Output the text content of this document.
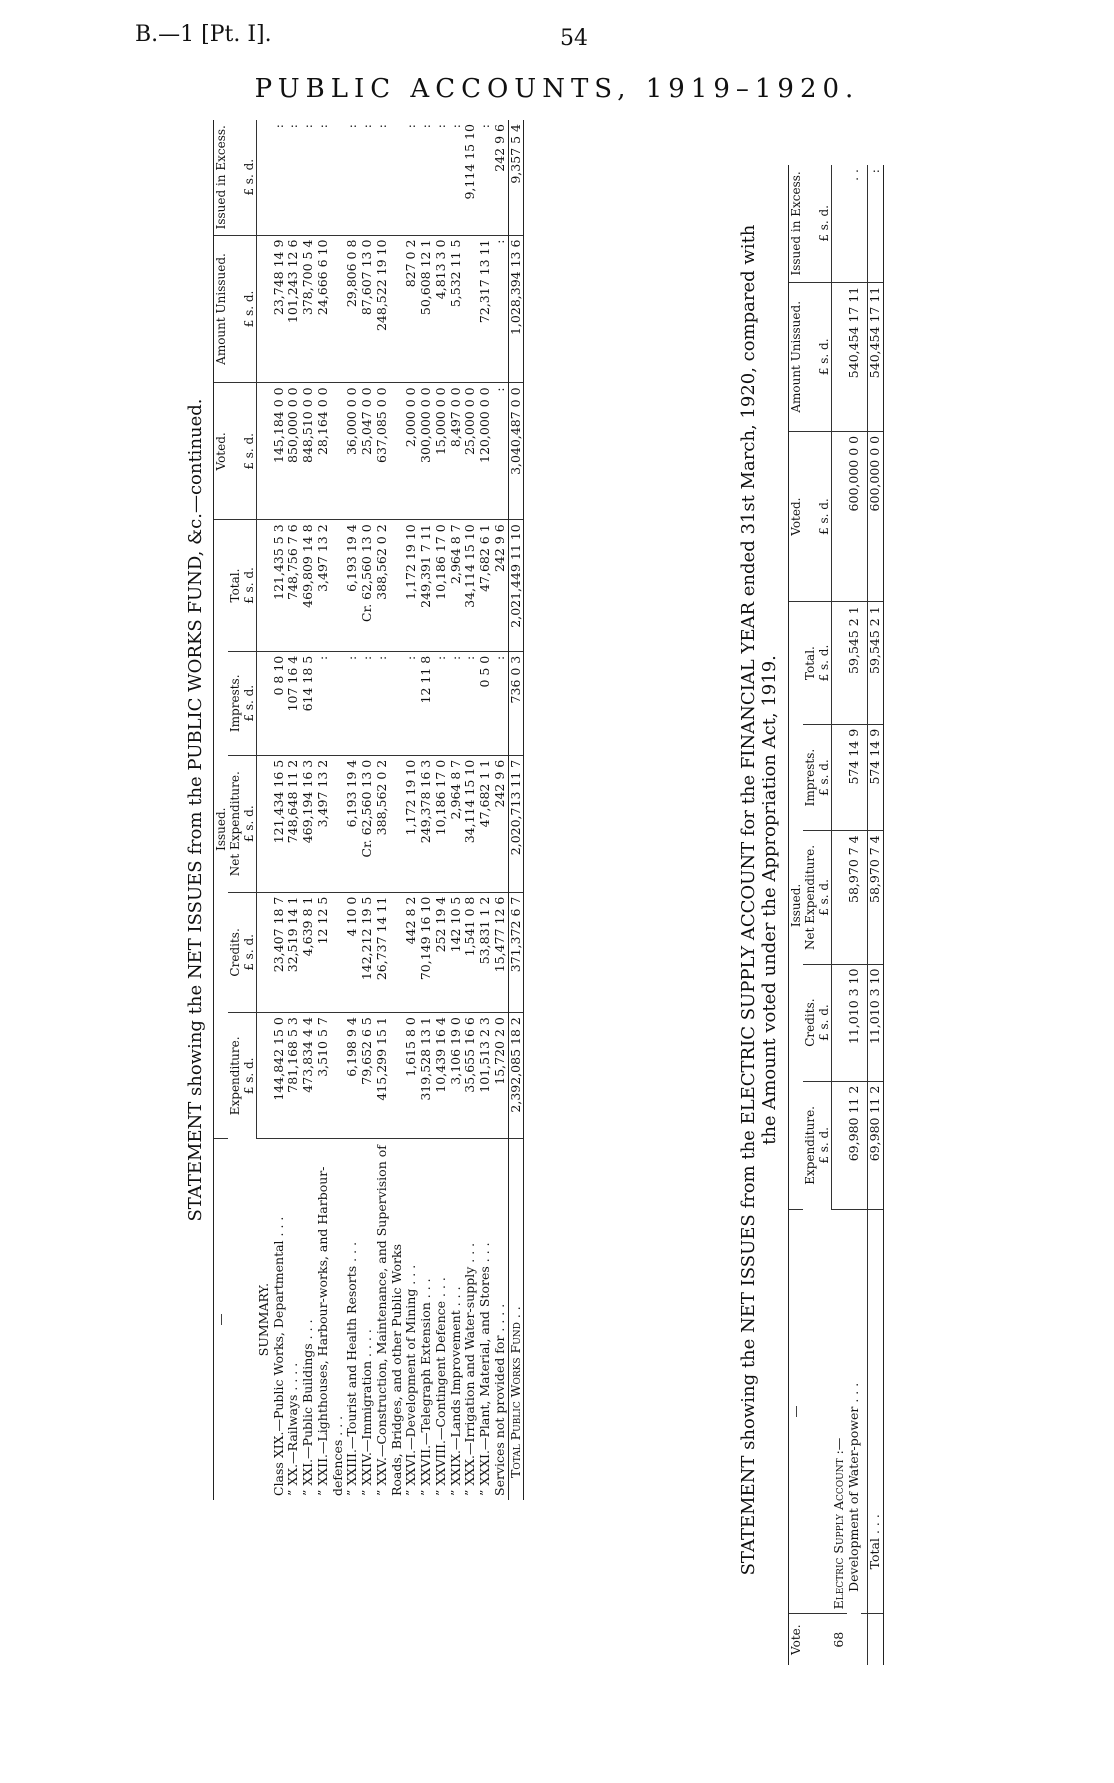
B.—1 [Pt. I].	54
PUBLIC ACCOUNTS, 1919–1920.
STATEMENT showing the NET ISSUES from the PUBLIC WORKS FUND, &c.—continued.
—	Issued.					Voted.	Amount Unissued.	Issued in Excess.
	Expenditure.	Credits.	Net Expenditure.	Imprests.	Total.			
	£ s. d.	£ s. d.	£ s. d.	£ s. d.	£ s. d.	£ s. d.	£ s. d.	£ s. d.
SUMMARY.								
Class XIX.—Public Works, Departmental . . .	144,842 15 0	23,407 18 7	121,434 16 5	0 8 10	121,435 5 3	145,184 0 0	23,748 14 9	:
” XX.—Railways . . . .	781,168 5 3	32,519 14 1	748,648 11 2	107 16 4	748,756 7 6	850,000 0 0	101,243 12 6	:
” XXI.—Public Buildings . . .	473,834 4 4	4,639 8 1	469,194 16 3	614 18 5	469,809 14 8	848,510 0 0	378,700 5 4	:
” XXII.—Lighthouses, Harbour-works, and Harbour-defences . . .	3,510 5 7	12 12 5	3,497 13 2	:	3,497 13 2	28,164 0 0	24,666 6 10	:
” XXIII.—Tourist and Health Resorts . . .	6,198 9 4	4 10 0	6,193 19 4	:	6,193 19 4	36,000 0 0	29,806 0 8	:
” XXIV.—Immigration . . . .	79,652 6 5	142,212 19 5	Cr. 62,560 13 0	:	Cr. 62,560 13 0	25,047 0 0	87,607 13 0	:
” XXV.—Construction, Maintenance, and Supervision of Roads, Bridges, and other Public Works	415,299 15 1	26,737 14 11	388,562 0 2	:	388,562 0 2	637,085 0 0	248,522 19 10	:
” XXVI.—Development of Mining . . .	1,615 8 0	442 8 2	1,172 19 10	:	1,172 19 10	2,000 0 0	827 0 2	:
” XXVII.—Telegraph Extension . . .	319,528 13 1	70,149 16 10	249,378 16 3	12 11 8	249,391 7 11	300,000 0 0	50,608 12 1	:
” XXVIII.—Contingent Defence . . .	10,439 16 4	252 19 4	10,186 17 0	:	10,186 17 0	15,000 0 0	4,813 3 0	:
” XXIX.—Lands Improvement . . .	3,106 19 0	142 10 5	2,964 8 7	:	2,964 8 7	8,497 0 0	5,532 11 5	:
” XXX.—Irrigation and Water-supply . . .	35,655 16 6	1,541 0 8	34,114 15 10	:	34,114 15 10	25,000 0 0		9,114 15 10
” XXXI.—Plant, Material, and Stores . . .	101,513 2 3	53,831 1 2	47,682 1 1	0 5 0	47,682 6 1	120,000 0 0	72,317 13 11	:
Services not provided for . . . .	15,720 2 0	15,477 12 6	242 9 6	:	242 9 6	:	:	242 9 6
Total Public Works Fund . .	2,392,085 18 2	371,372 6 7	2,020,713 11 7	736 0 3	2,021,449 11 10	3,040,487 0 0	1,028,394 13 6	9,357 5 4
STATEMENT showing the NET ISSUES from the ELECTRIC SUPPLY ACCOUNT for the FINANCIAL YEAR ended 31st March, 1920, compared with the Amount voted under the Appropriation Act, 1919.
Vote.	—	Issued.					Voted.	Amount Unissued.	Issued in Excess.
		Expenditure.	Credits.	Net Expenditure.	Imprests.	Total.			
		£ s. d.	£ s. d.	£ s. d.	£ s. d.	£ s. d.	£ s. d.	£ s. d.	£ s. d.
68	Electric Supply Account :—								
	Development of Water-power . . .	69,980 11 2	11,010 3 10	58,970 7 4	574 14 9	59,545 2 1	600,000 0 0	540,454 17 11	. .

	Total . . .	69,980 11 2	11,010 3 10	58,970 7 4	574 14 9	59,545 2 1	600,000 0 0	540,454 17 11	:
